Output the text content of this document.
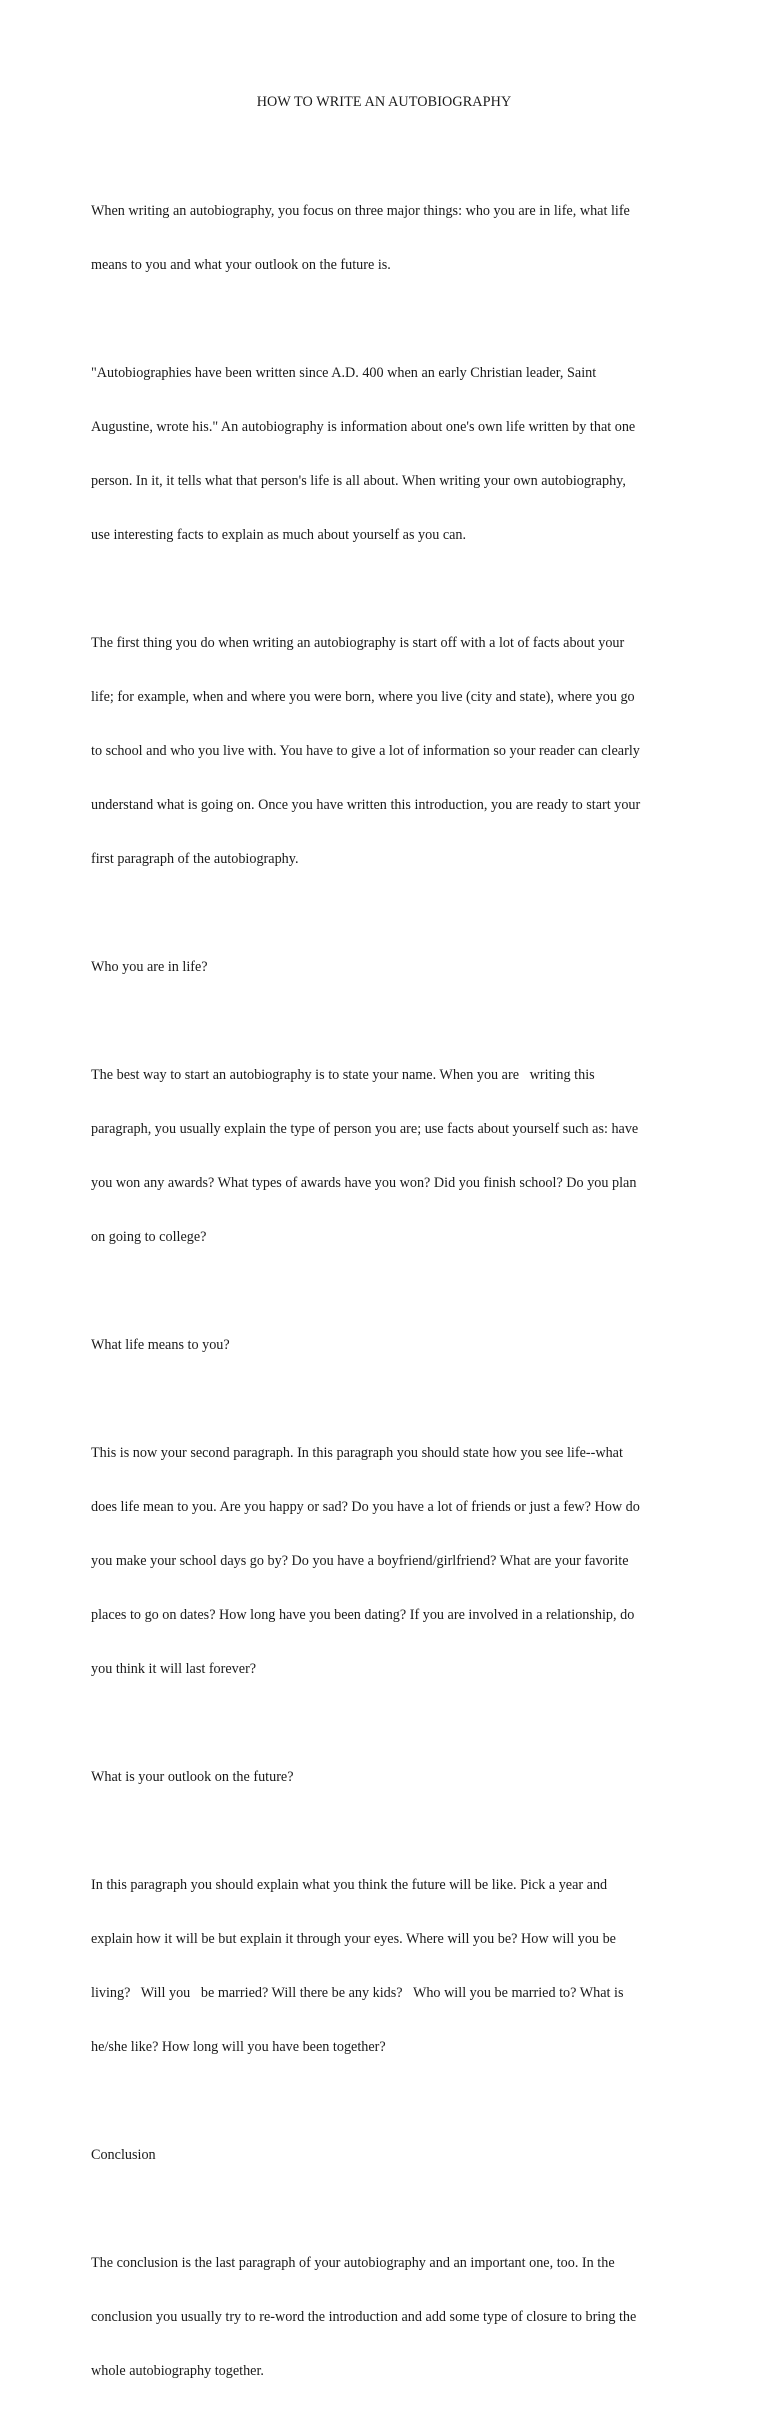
HOW TO WRITE AN AUTOBIOGRAPHY

When writing an autobiography, you focus on three major things: who you are in life, what life

means to you and what your outlook on the future is.

"Autobiographies have been written since A.D. 400 when an early Christian leader, Saint

Augustine, wrote his." An autobiography is information about one's own life written by that one

person. In it, it tells what that person's life is all about. When writing your own autobiography,

use interesting facts to explain as much about yourself as you can.

The first thing you do when writing an autobiography is start off with a lot of facts about your

life; for example, when and where you were born, where you live (city and state), where you go

to school and who you live with. You have to give a lot of information so your reader can clearly

understand what is going on. Once you have written this introduction, you are ready to start your

first paragraph of the autobiography.

Who you are in life?

The best way to start an autobiography is to state your name. When you are   writing this

paragraph, you usually explain the type of person you are; use facts about yourself such as: have

you won any awards? What types of awards have you won? Did you finish school? Do you plan

on going to college?

What life means to you?

This is now your second paragraph. In this paragraph you should state how you see life--what

does life mean to you. Are you happy or sad? Do you have a lot of friends or just a few? How do

you make your school days go by? Do you have a boyfriend/girlfriend? What are your favorite

places to go on dates? How long have you been dating? If you are involved in a relationship, do

you think it will last forever?

What is your outlook on the future?

In this paragraph you should explain what you think the future will be like. Pick a year and

explain how it will be but explain it through your eyes. Where will you be? How will you be

living?   Will you   be married? Will there be any kids?   Who will you be married to? What is

he/she like? How long will you have been together?

Conclusion

The conclusion is the last paragraph of your autobiography and an important one, too. In the

conclusion you usually try to re-word the introduction and add some type of closure to bring the

whole autobiography together.
